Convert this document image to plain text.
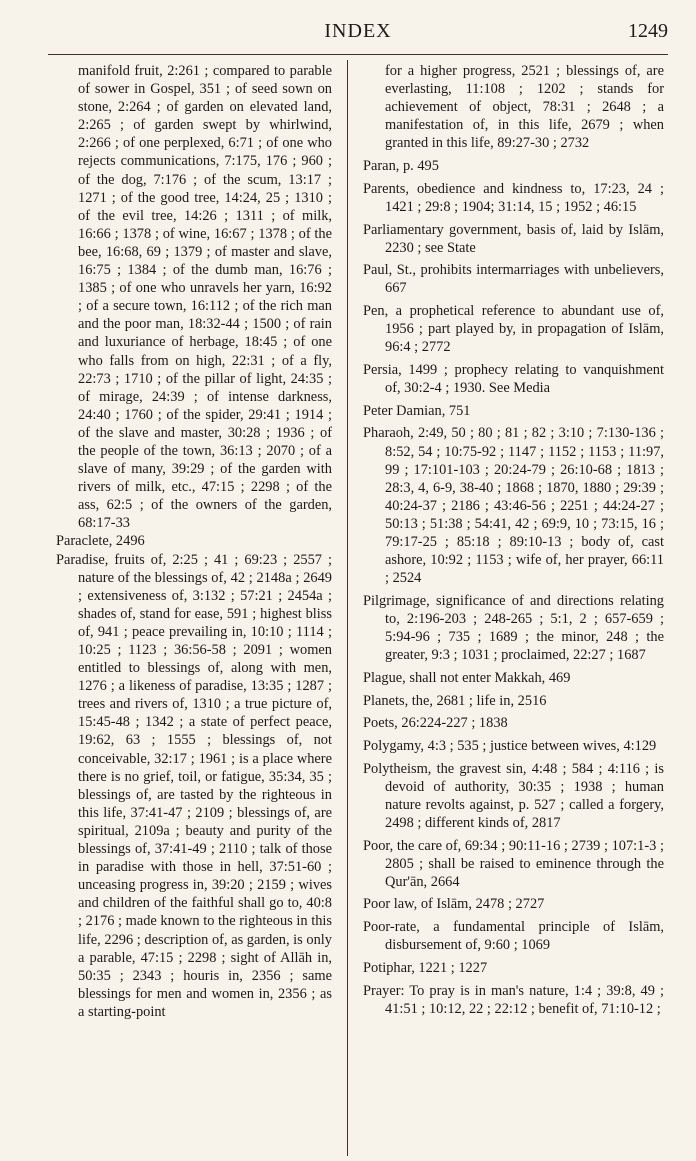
INDEX	1249

manifold fruit, 2:261 ; compared to parable of sower in Gospel, 351 ; of seed sown on stone, 2:264 ; of garden on elevated land, 2:265 ; of garden swept by whirlwind, 2:266 ; of one perplexed, 6:71 ; of one who rejects communications, 7:175, 176 ; 960 ; of the dog, 7:176 ; of the scum, 13:17 ; 1271 ; of the good tree, 14:24, 25 ; 1310 ; of the evil tree, 14:26 ; 1311 ; of milk, 16:66 ; 1378 ; of wine, 16:67 ; 1378 ; of the bee, 16:68, 69 ; 1379 ; of master and slave, 16:75 ; 1384 ; of the dumb man, 16:76 ; 1385 ; of one who unravels her yarn, 16:92 ; of a secure town, 16:112 ; of the rich man and the poor man, 18:32-44 ; 1500 ; of rain and luxuriance of herbage, 18:45 ; of one who falls from on high, 22:31 ; of a fly, 22:73 ; 1710 ; of the pillar of light, 24:35 ; of mirage, 24:39 ; of intense darkness, 24:40 ; 1760 ; of the spider, 29:41 ; 1914 ; of the slave and master, 30:28 ; 1936 ; of the people of the town, 36:13 ; 2070 ; of a slave of many, 39:29 ; of the garden with rivers of milk, etc., 47:15 ; 2298 ; of the ass, 62:5 ; of the owners of the garden, 68:17-33

Paraclete, 2496

Paradise, fruits of, 2:25 ; 41 ; 69:23 ; 2557 ; nature of the blessings of, 42 ; 2148a ; 2649 ; extensiveness of, 3:132 ; 57:21 ; 2454a ; shades of, stand for ease, 591 ; highest bliss of, 941 ; peace prevailing in, 10:10 ; 1114 ; 10:25 ; 1123 ; 36:56-58 ; 2091 ; women entitled to blessings of, along with men, 1276 ; a likeness of paradise, 13:35 ; 1287 ; trees and rivers of, 1310 ; a true picture of, 15:45-48 ; 1342 ; a state of perfect peace, 19:62, 63 ; 1555 ; blessings of, not conceivable, 32:17 ; 1961 ; is a place where there is no grief, toil, or fatigue, 35:34, 35 ; blessings of, are tasted by the righteous in this life, 37:41-47 ; 2109 ; blessings of, are spiritual, 2109a ; beauty and purity of the blessings of, 37:41-49 ; 2110 ; talk of those in paradise with those in hell, 37:51-60 ; unceasing progress in, 39:20 ; 2159 ; wives and children of the faithful shall go to, 40:8 ; 2176 ; made known to the righteous in this life, 2296 ; description of, as garden, is only a parable, 47:15 ; 2298 ; sight of Allāh in, 50:35 ; 2343 ; houris in, 2356 ; same blessings for men and women in, 2356 ; as a starting-point

for a higher progress, 2521 ; blessings of, are everlasting, 11:108 ; 1202 ; stands for achievement of object, 78:31 ; 2648 ; a manifestation of, in this life, 2679 ; when granted in this life, 89:27-30 ; 2732

Paran, p. 495

Parents, obedience and kindness to, 17:23, 24 ; 1421 ; 29:8 ; 1904; 31:14, 15 ; 1952 ; 46:15

Parliamentary government, basis of, laid by Islām, 2230 ; see State

Paul, St., prohibits intermarriages with unbelievers, 667

Pen, a prophetical reference to abundant use of, 1956 ; part played by, in propagation of Islām, 96:4 ; 2772

Persia, 1499 ; prophecy relating to vanquishment of, 30:2-4 ; 1930. See Media

Peter Damian, 751

Pharaoh, 2:49, 50 ; 80 ; 81 ; 82 ; 3:10 ; 7:130-136 ; 8:52, 54 ; 10:75-92 ; 1147 ; 1152 ; 1153 ; 11:97, 99 ; 17:101-103 ; 20:24-79 ; 26:10-68 ; 1813 ; 28:3, 4, 6-9, 38-40 ; 1868 ; 1870, 1880 ; 29:39 ; 40:24-37 ; 2186 ; 43:46-56 ; 2251 ; 44:24-27 ; 50:13 ; 51:38 ; 54:41, 42 ; 69:9, 10 ; 73:15, 16 ; 79:17-25 ; 85:18 ; 89:10-13 ; body of, cast ashore, 10:92 ; 1153 ; wife of, her prayer, 66:11 ; 2524

Pilgrimage, significance of and directions relating to, 2:196-203 ; 248-265 ; 5:1, 2 ; 657-659 ; 5:94-96 ; 735 ; 1689 ; the minor, 248 ; the greater, 9:3 ; 1031 ; proclaimed, 22:27 ; 1687

Plague, shall not enter Makkah, 469

Planets, the, 2681 ; life in, 2516

Poets, 26:224-227 ; 1838

Polygamy, 4:3 ; 535 ; justice between wives, 4:129

Polytheism, the gravest sin, 4:48 ; 584 ; 4:116 ; is devoid of authority, 30:35 ; 1938 ; human nature revolts against, p. 527 ; called a forgery, 2498 ; different kinds of, 2817

Poor, the care of, 69:34 ; 90:11-16 ; 2739 ; 107:1-3 ; 2805 ; shall be raised to eminence through the Qur'ān, 2664

Poor law, of Islām, 2478 ; 2727

Poor-rate, a fundamental principle of Islām, disbursement of, 9:60 ; 1069

Potiphar, 1221 ; 1227

Prayer: To pray is in man's nature, 1:4 ; 39:8, 49 ; 41:51 ; 10:12, 22 ; 22:12 ; benefit of, 71:10-12 ;
